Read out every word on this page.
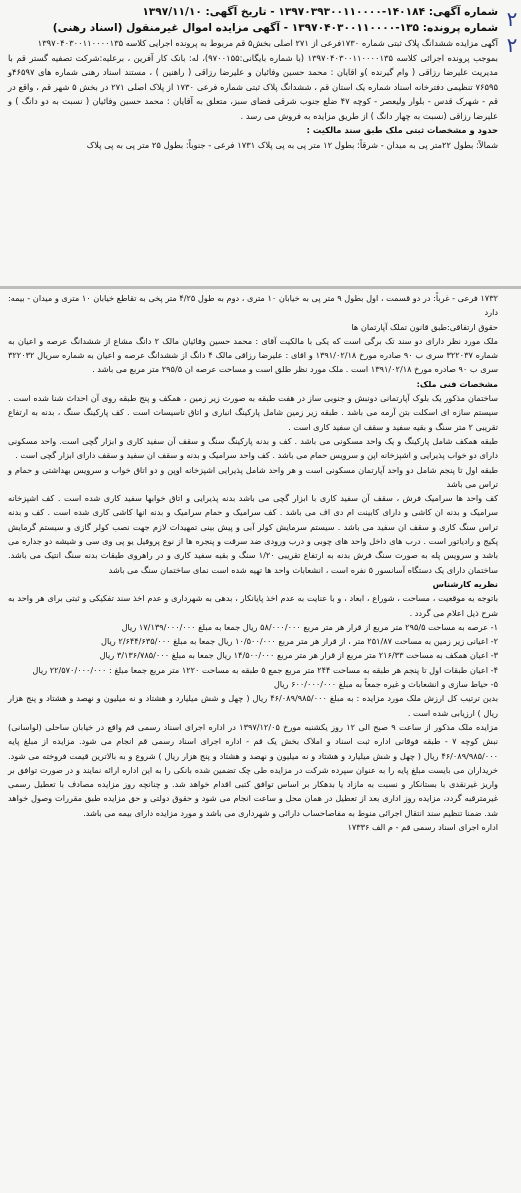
۲ ۲
شماره آگهی: ۱۴۰۱۸۴-۱۳۹۷۰۳۹۳۰۰۱۱۰۰۰۰ - تاریخ آگهی: ۱۳۹۷/۱۱/۱۰
شماره پرونده: ۱۳۵-۱۳۹۷۰۴۰۳۰۰۱۱۰۰۰۰ - آگهی مزایده اموال غیرمنقول (اسناد رهنی)

آگهی مزایده ششدانگ پلاک ثبتی شماره ۱۷۳۰فرعی از ۲۷۱ اصلی بخش۵ قم مربوط به پرونده اجرایی کلاسه ۱۳۹۷۰۴۰۳۰۰۱۱۰۰۰۰۱۳۵

بموجب پرونده اجرائی کلاسه ۱۳۹۷۰۴۰۳۰۰۱۱۰۰۰۰۱۳۵ (با شماره بایگانی:۹۷۰۰۱۵۵)، له: بانک کار آفرین ، برعلیه:شرکت تصفیه گستر قم با مدیریت علیرضا رزاقی ( وام گیرنده )و اقایان : محمد حسین وفائیان و علیرضا رزاقی ( راهنین ) ، مستند اسناد رهنی شماره های ۴۶۵۹۷و ۷۶۵۹۵ تنظیمی دفترخانه اسناد شماره یک استان قم ، ششدانگ پلاک ثبتی شماره فرعی ۱۷۳۰ از پلاک اصلی ۲۷۱ در بخش ۵ شهر قم ، واقع در قم - شهرک قدس - بلوار ولیعصر - کوچه ۴۷ ضلع جنوب شرقی فضای سبز، متعلق به آقایان : محمد حسین وفائیان ( نسبت به دو دانگ ) و علیرضا رزاقی (نسبت به چهار دانگ ) از طریق مزایده به فروش می رسد .

حدود و مشخصات ثبتی ملک طبق سند مالکیت :

شمالاً: بطول ۲۲متر پی به میدان - شرقاً: بطول ۱۲ متر پی به پی پلاک ۱۷۳۱ فرعی - جنوباً: بطول ۲۵ متر پی به پی پلاک

۱۷۳۲ فرعی - غرباً: در دو قسمت ، اول بطول ۹ متر پی به خیابان ۱۰ متری ، دوم به طول ۴/۲۵ متر پخی به تقاطع خیابان ۱۰ متری و میدان - بیمه: دارد

حقوق ارتفاقی:طبق قانون تملک آپارتمان ها

ملک مورد نظر دارای دو سند تک برگی است که یکی با مالکیت آقای : محمد حسین وفائیان مالک ۲ دانگ مشاع از ششدانگ عرصه و اعیان به شماره ۳۲۲۰۳۷ سری ب ۹۰ صادره مورخ ۱۳۹۱/۰۲/۱۸ و اقای : علیرضا رزاقی مالک ۴ دانگ از ششدانگ عرصه و اعیان به شماره سریال ۳۲۲۰۳۲ سری ب ۹۰ صادره مورخ ۱۳۹۱/۰۲/۱۸ است . ملک مورد نظر طلق است و مساحت عرصه ان ۲۹۵/۵ متر مربع می باشد .

مشخصات فنی ملک:

ساختمان مذکور یک بلوک آپارتمانی دونبش و جنوبی ساز در هفت طبقه به صورت زیر زمین ، همکف و پنج طبقه روی آن احداث شنا شده است . سیستم سازه ای اسکلت بتن آرمه می باشد . طبقه زیر زمین شامل پارکینگ انباری و اتاق تاسیسات است . کف پارکینگ سنگ ، بدنه به ارتفاع تقریبی ۲ متر سنگ و بقیه سفید و سقف ان سفید کاری است .

طبقه همکف شامل پارکینگ و یک واحد مسکونی می باشد . کف و بدنه پارکینگ سنگ و سقف آن سفید کاری و ابزار گچی است. واحد مسکونی دارای دو خواب پذیرایی و اشپزخانه اپن و سرویس حمام می باشد . کف واحد سرامیک و بدنه و سقف ان سفید و سقف دارای ابزار گچی است .

طبقه اول تا پنجم شامل دو واحد آپارتمان مسکونی است و هر واحد شامل پذیرایی اشپزخانه اوپن و دو اتاق خواب و سرویس بهداشتی و حمام و تراس می باشد

کف واحد ها سرامیک فرش ، سقف آن سفید کاری با ابزار گچی می باشد بدنه پذیرایی و اتاق خوابها سفید کاری شده است . کف اشپزخانه سرامیک و بدنه ان کاشی و دارای کابینت ام دی اف می باشد . کف سرامیک و حمام سرامیک و بدنه انها کاشی کاری شده است . کف و بدنه تراس سنگ کاری و سقف ان سفید می باشد . سیستم سرمایش کولر آبی و پیش بینی تمهیدات لازم جهت نصب کولر گازی و سیستم گرمایش پکیج و رادیاتور است . درب های داخل واحد های چوبی و درب ورودی ضد سرقت و پنجره ها از نوع پروفیل یو پی وی سی و شیشه دو جداره می باشد و سرویس پله به صورت سنگ فرش بدنه به ارتفاع تقریبی ۱/۲۰ سنگ و بقیه سفید کاری و در راهروی طبقات بدنه سنگ انتیک می باشد. ساختمان دارای یک دستگاه آسانسور ۵ نفره است ، انشعابات واحد ها تهیه شده است نمای ساختمان سنگ می باشد

نظریه کارشناس

باتوجه به موقعیت ، مساحت ، شوراع ، ابعاد ، و با عنایت به عدم اخذ پایانکار ، بدهی به شهرداری و عدم اخذ سند تفکیکی و ثبتی برای هر واحد به شرح ذیل اعلام می گردد .

۱- عرصه به مساحت ۲۹۵/۵ متر مربع از قرار هر متر مربع ۵۸/۰۰۰/۰۰۰ ریال جمعا به مبلغ ۱۷/۱۳۹/۰۰۰/۰۰۰ ریال

۲- اعیانی زیر زمین به مساحت ۲۵۱/۸۷ متر ، از قرار هر متر مربع ۱۰/۵۰۰/۰۰۰ ریال جمعا به مبلغ ۲/۶۴۴/۶۳۵/۰۰۰ ریال

۳- اعیان همکف به مساحت ۲۱۶/۳۳ متر مربع از قرار هر متر مربع ۱۴/۵۰۰/۰۰۰ ریال جمعا به مبلغ ۳/۱۳۶/۷۸۵/۰۰۰ ریال

۴- اعیان طبقات اول تا پنجم هر طبقه به مساحت ۲۴۴ متر مربع جمع ۵ طبقه به مساحت ۱۲۲۰ متر مربع جمعا مبلغ : ۲۲/۵۷۰/۰۰۰/۰۰۰ ریال

۵- حیاط سازی و انشعابات و غیره جمعاً به مبلغ ۶۰۰/۰۰۰/۰۰۰ ریال

بدین ترتیب کل ارزش ملک مورد مزایده : به مبلغ ۴۶/۰۸۹/۹۸۵/۰۰۰ ریال ( چهل و شش میلیارد و هشتاد و نه میلیون و نهصد و هشتاد و پنج هزار ریال ) ارزیابی شده است .

مزایده ملک مذکور از ساعت ۹ صبح الی ۱۲ روز یکشنبه مورخ ۱۳۹۷/۱۲/۰۵ در اداره اجرای اسناد رسمی قم واقع در خیابان ساحلی (لواسانی) نبش کوچه ۷ - طبقه فوقانی اداره ثبت اسناد و املاک بخش یک قم - اداره اجرای اسناد رسمی قم انجام می شود. مزایده از مبلغ پایه ۴۶/۰۸۹/۹۸۵/۰۰۰ ریال ( چهل و شش میلیارد و هشتاد و نه میلیون و نهصد و هشتاد و پنج هزار ریال ) شروع و به بالاترین قیمت فروخته می شود. خریداران می بایست مبلغ پایه را به عنوان سپرده شرکت در مزایده طی چک تضمین شده بانکی را به این اداره ارائه نمایند و در صورت توافق بر واریز غیرنقدی با بستانکار و نسبت به مازاد یا بدهکار بر اساس توافق کتبی اقدام خواهد شد. و چنانچه روز مزایده مصادف با تعطیل رسمی غیرمترقبه گردد، مزایده روز اداری بعد از تعطیل در همان محل و ساعت انجام می شود و حقوق دولتی و حق مزایده طبق مقررات وصول خواهد شد. ضمنا تنظیم سند انتقال اجرائی منوط به مفاصاحساب دارائی و شهرداری می باشد و مورد مزایده دارای بیمه می باشد.

اداره اجرای اسناد رسمی قم - م الف ۱۷۳۳۶
